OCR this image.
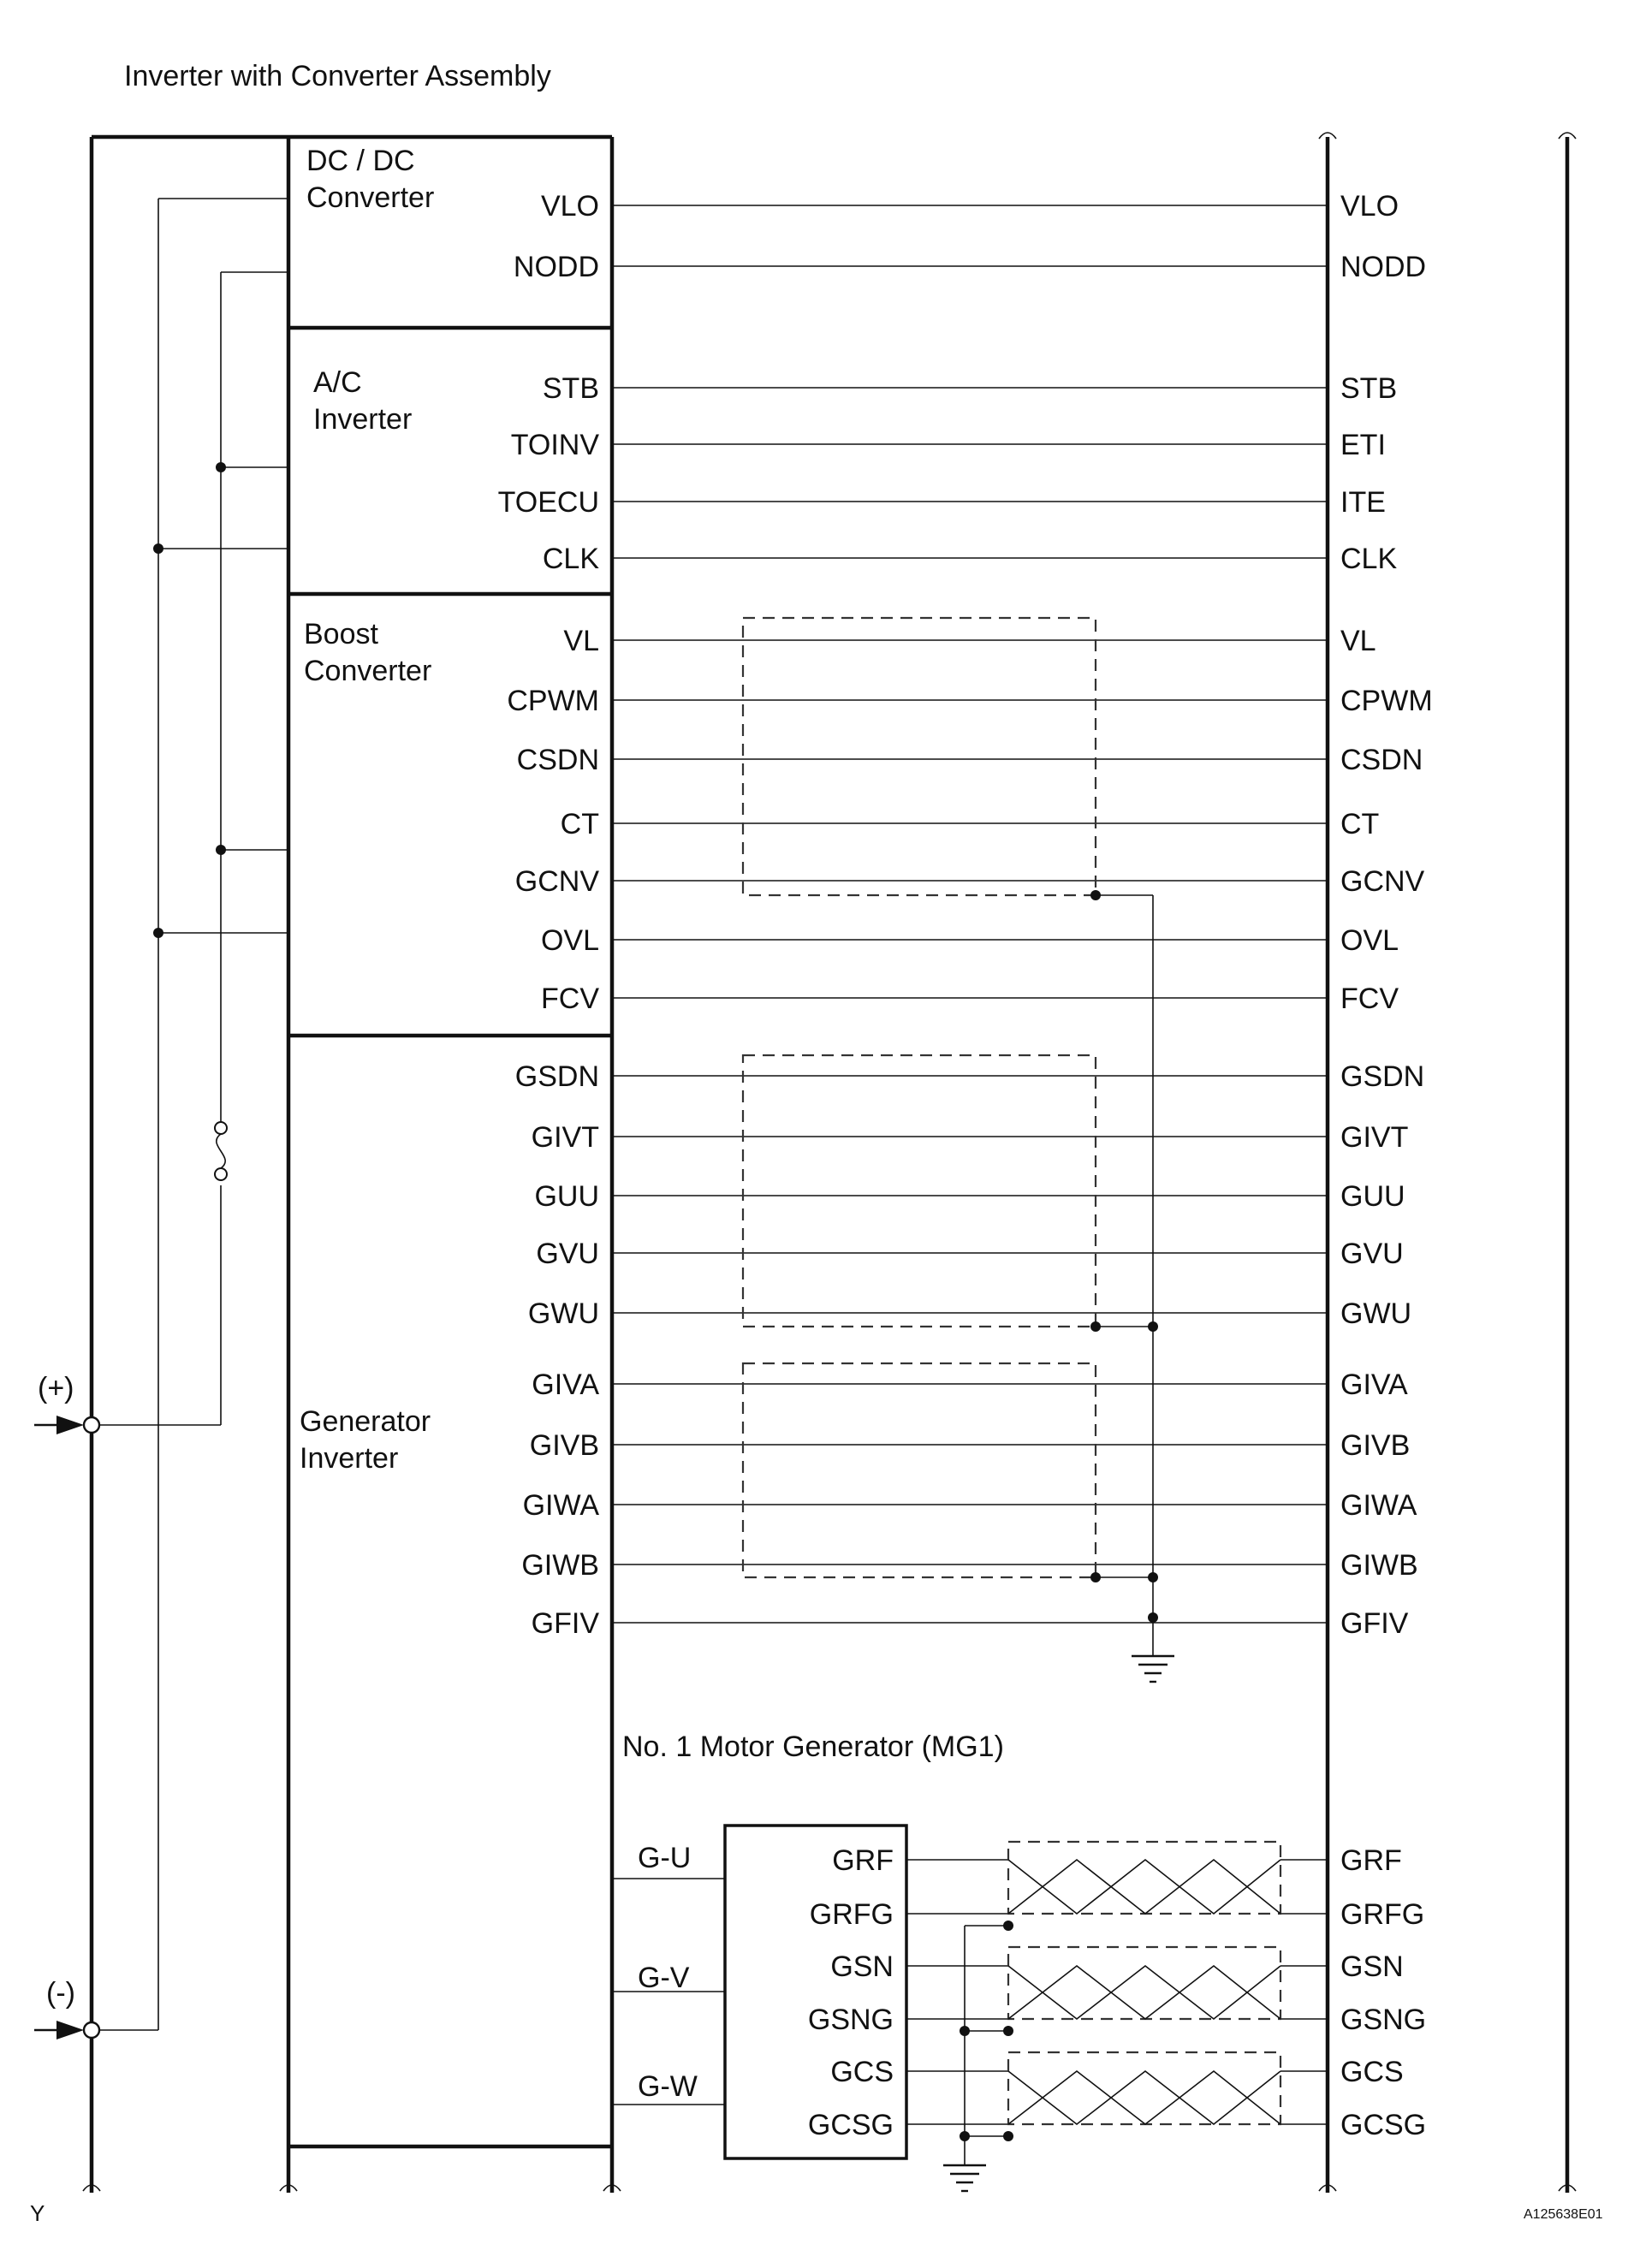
Inverter with Converter Assembly
DC / DC
Converter
A/C
Inverter
Boost
Converter
Generator
Inverter
VLO	VLO
NODD	NODD
STB	STB
TOINV	ETI
TOECU	ITE
CLK	CLK
VL	VL
CPWM	CPWM
CSDN	CSDN
CT	CT
GCNV	GCNV
OVL	OVL
FCV	FCV
GSDN	GSDN
GIVT	GIVT
GUU	GUU
GVU	GVU
GWU	GWU
GIVA	GIVA
GIVB	GIVB
GIWA	GIWA
GIWB	GIWB
GFIV	GFIV
(+)
(-)
No. 1 Motor Generator (MG1)
G-U
G-V
G-W
GRF	GRF
GRFG	GRFG
GSN	GSN
GSNG	GSNG
GCS	GCS
GCSG	GCSG
Y	A125638E01
